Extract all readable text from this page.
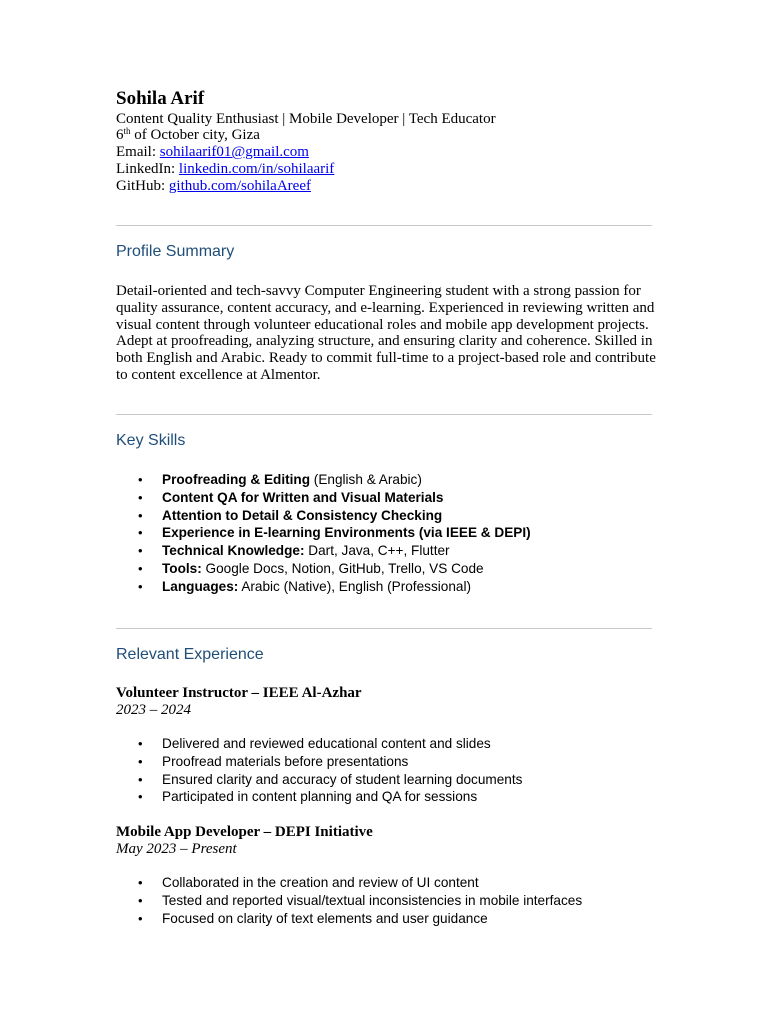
Sohila Arif
Content Quality Enthusiast | Mobile Developer | Tech Educator
6th of October city, Giza
Email: sohilaarif01@gmail.com
LinkedIn: linkedin.com/in/sohilaarif
GitHub: github.com/sohilaAreef
Profile Summary
Detail-oriented and tech-savvy Computer Engineering student with a strong passion for quality assurance, content accuracy, and e-learning. Experienced in reviewing written and visual content through volunteer educational roles and mobile app development projects. Adept at proofreading, analyzing structure, and ensuring clarity and coherence. Skilled in both English and Arabic. Ready to commit full-time to a project-based role and contribute to content excellence at Almentor.
Key Skills
• Proofreading & Editing (English & Arabic)
• Content QA for Written and Visual Materials
• Attention to Detail & Consistency Checking
• Experience in E-learning Environments (via IEEE & DEPI)
• Technical Knowledge: Dart, Java, C++, Flutter
• Tools: Google Docs, Notion, GitHub, Trello, VS Code
• Languages: Arabic (Native), English (Professional)
Relevant Experience
Volunteer Instructor – IEEE Al-Azhar
2023 – 2024
• Delivered and reviewed educational content and slides
• Proofread materials before presentations
• Ensured clarity and accuracy of student learning documents
• Participated in content planning and QA for sessions
Mobile App Developer – DEPI Initiative
May 2023 – Present
• Collaborated in the creation and review of UI content
• Tested and reported visual/textual inconsistencies in mobile interfaces
• Focused on clarity of text elements and user guidance
